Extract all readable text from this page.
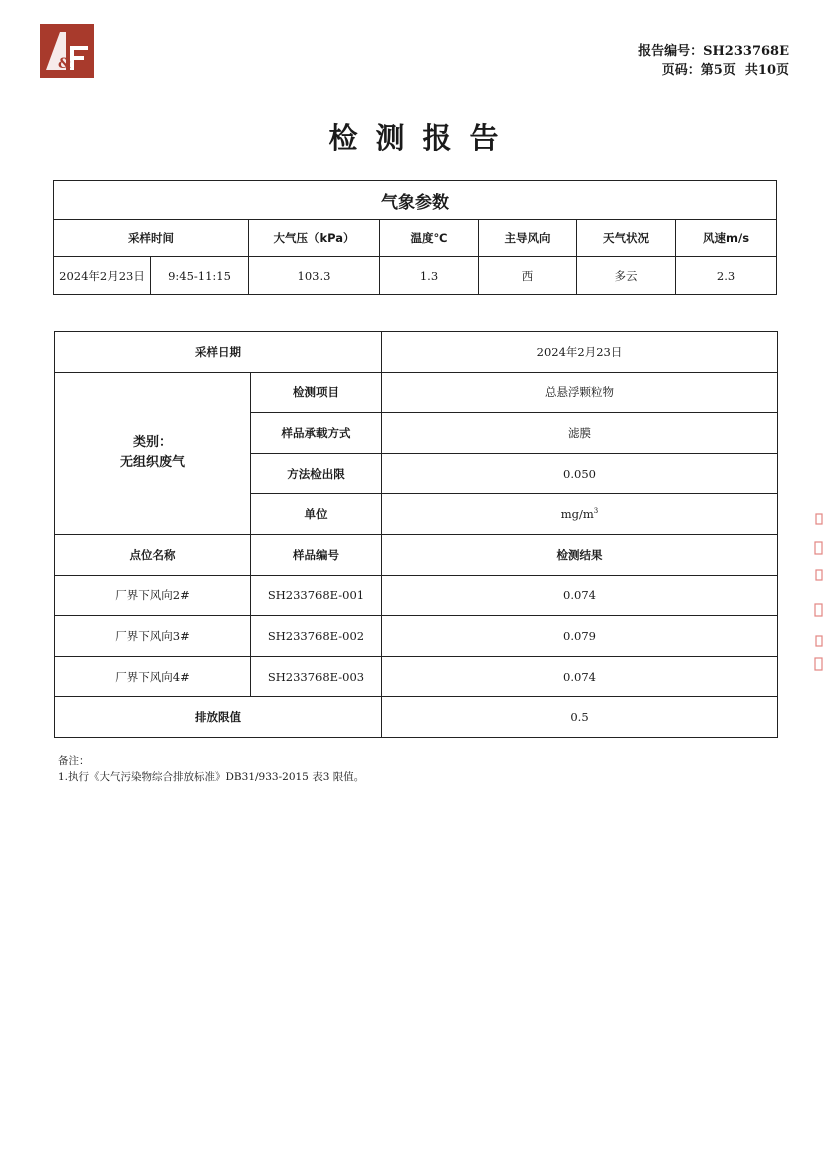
&
报告编号：SH233768E
页码：第5页 共10页
检测报告
气象参数						
采样时间		大气压（kPa）	温度℃	主导风向	天气状况	风速m/s
2024年2月23日	9:45-11:15	103.3	1.3	西	多云	2.3
采样日期		2024年2月23日

类别：
无组织废气	检测项目	总悬浮颗粒物
	样品承载方式	滤膜
	方法检出限	0.050
	单位	$mg/m^3$
点位名称	样品编号	检测结果
厂界下风向2#	SH233768E-001	0.074
厂界下风向3#	SH233768E-002	0.079
厂界下风向4#	SH233768E-003	0.074
排放限值		0.5
备注：
1.执行《大气污染物综合排放标准》DB31/933-2015 表3 限值。
